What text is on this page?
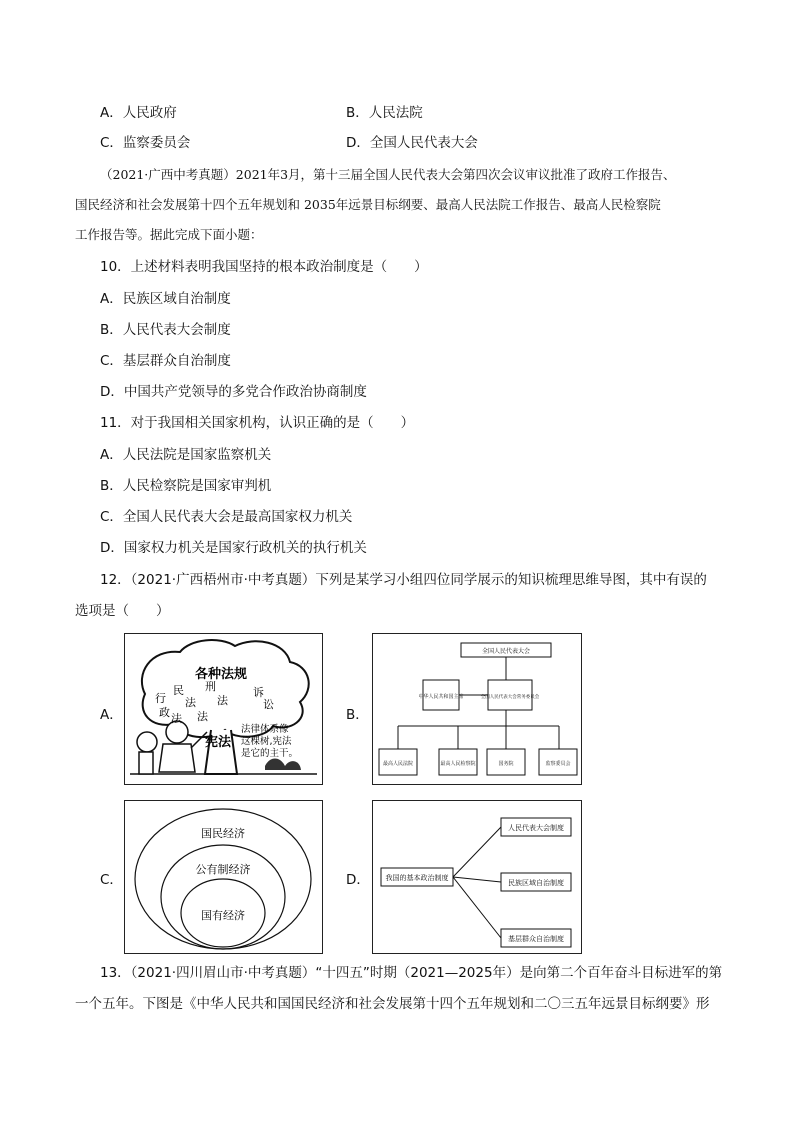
A．人民政府	B．人民法院
C．监察委员会	D．全国人民代表大会
（2021·广西中考真题）2021年3月，第十三届全国人民代表大会第四次会议审议批准了政府工作报告、
国民经济和社会发展第十四个五年规划和 2035年远景目标纲要、最高人民法院工作报告、最高人民检察院
工作报告等。据此完成下面小题：
10．上述材料表明我国坚持的根本政治制度是（　　）
A．民族区域自治制度
B．人民代表大会制度
C．基层群众自治制度
D．中国共产党领导的多党合作政治协商制度
11．对于我国相关国家机构，认识正确的是（　　）
A．人民法院是国家监察机关
B．人民检察院是国家审判机
C．全国人民代表大会是最高国家权力机关
D．国家权力机关是国家行政机关的执行机关
12．（2021·广西梧州市·中考真题）下列是某学习小组四位同学展示的知识梳理思维导图，其中有误的
选项是（　　）
A．	B．
C．	D．
各种法规
行
民 刑	诉
政
法 法	讼
法 法
宪法
法律体系像
这棵树,宪法
是它的主干。
全国人民代表大会
中华人民共和国主席	全国人民代表大会常务委员会
最高人民法院	最高人民检察院	国务院	监察委员会
国民经济
公有制经济
国有经济
我国的基本政治制度
人民代表大会制度
民族区域自治制度
基层群众自治制度
13．（2021·四川眉山市·中考真题）“十四五”时期（2021—2025年）是向第二个百年奋斗目标进军的第
一个五年。下图是《中华人民共和国国民经济和社会发展第十四个五年规划和二〇三五年远景目标纲要》形
